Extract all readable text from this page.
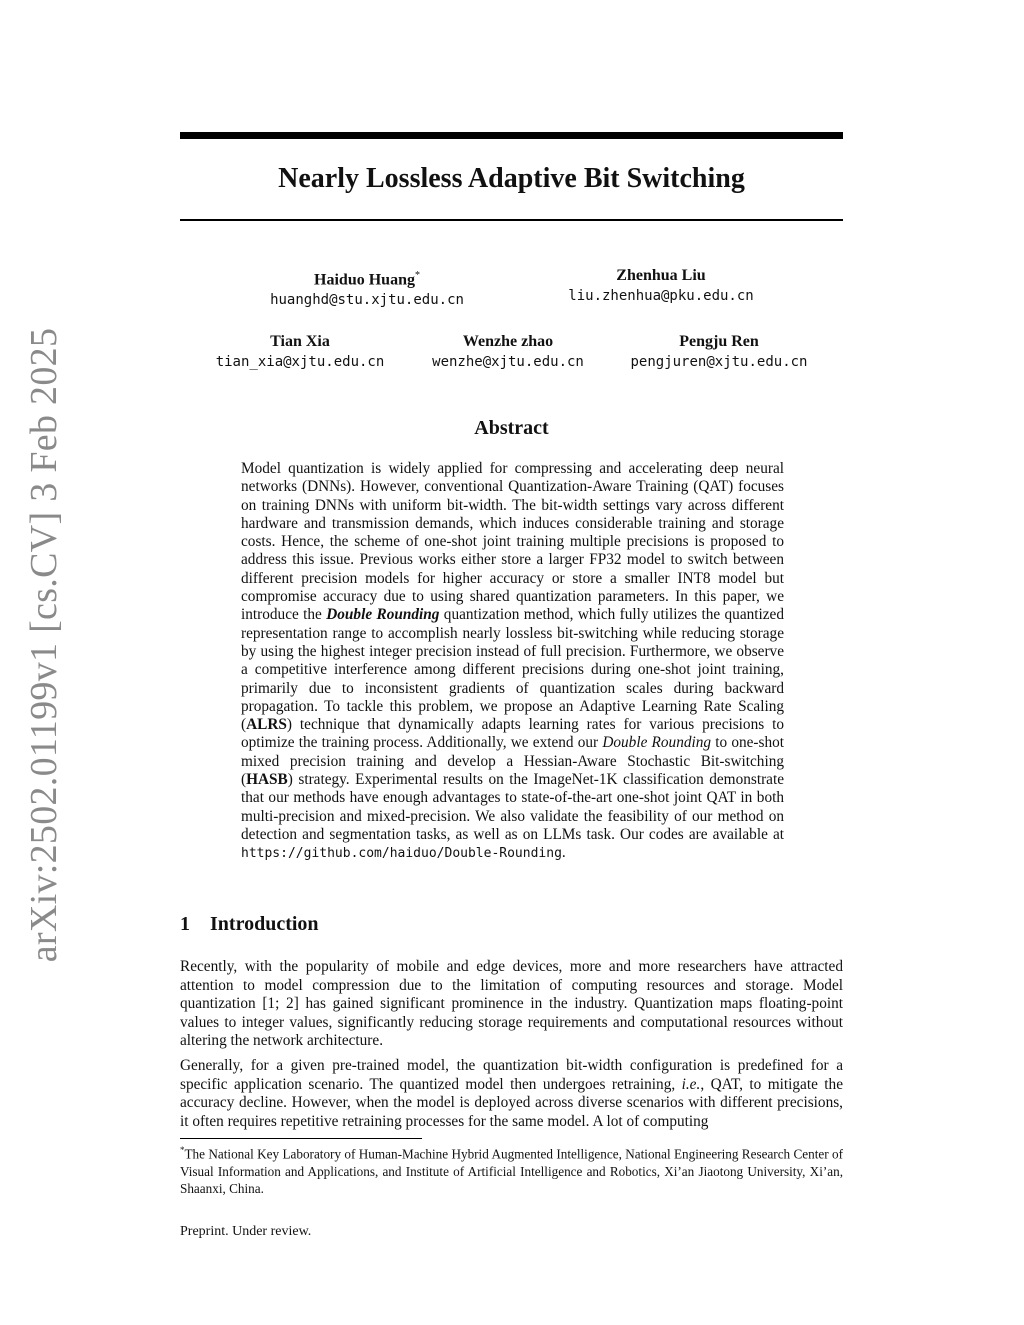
arXiv:2502.01199v1 [cs.CV] 3 Feb 2025
Nearly Lossless Adaptive Bit Switching
Haiduo Huang*
huanghd@stu.xjtu.edu.cn
Zhenhua Liu
liu.zhenhua@pku.edu.cn
Tian Xia
tian_xia@xjtu.edu.cn
Wenzhe zhao
wenzhe@xjtu.edu.cn
Pengju Ren
pengjuren@xjtu.edu.cn
Abstract

Model quantization is widely applied for compressing and accelerating deep neural networks (DNNs). However, conventional Quantization-Aware Training (QAT) focuses on training DNNs with uniform bit-width. The bit-width settings vary across different hardware and transmission demands, which induces considerable training and storage costs. Hence, the scheme of one-shot joint training multiple precisions is proposed to address this issue. Previous works either store a larger FP32 model to switch between different precision models for higher accuracy or store a smaller INT8 model but compromise accuracy due to using shared quantization parameters. In this paper, we introduce the Double Rounding quantization method, which fully utilizes the quantized representation range to accomplish nearly lossless bit-switching while reducing storage by using the highest integer precision instead of full precision. Furthermore, we observe a competitive interference among different precisions during one-shot joint training, primarily due to inconsistent gradients of quantization scales during backward propagation. To tackle this problem, we propose an Adaptive Learning Rate Scaling (ALRS) technique that dynamically adapts learning rates for various precisions to optimize the training process. Additionally, we extend our Double Rounding to one-shot mixed precision training and develop a Hessian-Aware Stochastic Bit-switching (HASB) strategy. Experimental results on the ImageNet-1K classification demonstrate that our methods have enough advantages to state-of-the-art one-shot joint QAT in both multi-precision and mixed-precision. We also validate the feasibility of our method on detection and segmentation tasks, as well as on LLMs task. Our codes are available at https://github.com/haiduo/Double-Rounding.

1 Introduction

Recently, with the popularity of mobile and edge devices, more and more researchers have attracted attention to model compression due to the limitation of computing resources and storage. Model quantization [1; 2] has gained significant prominence in the industry. Quantization maps floating-point values to integer values, significantly reducing storage requirements and computational resources without altering the network architecture.

Generally, for a given pre-trained model, the quantization bit-width configuration is predefined for a specific application scenario. The quantized model then undergoes retraining, i.e., QAT, to mitigate the accuracy decline. However, when the model is deployed across diverse scenarios with different precisions, it often requires repetitive retraining processes for the same model. A lot of computing

*The National Key Laboratory of Human-Machine Hybrid Augmented Intelligence, National Engineering Research Center of Visual Information and Applications, and Institute of Artificial Intelligence and Robotics, Xi’an Jiaotong University, Xi’an, Shaanxi, China.

Preprint. Under review.
